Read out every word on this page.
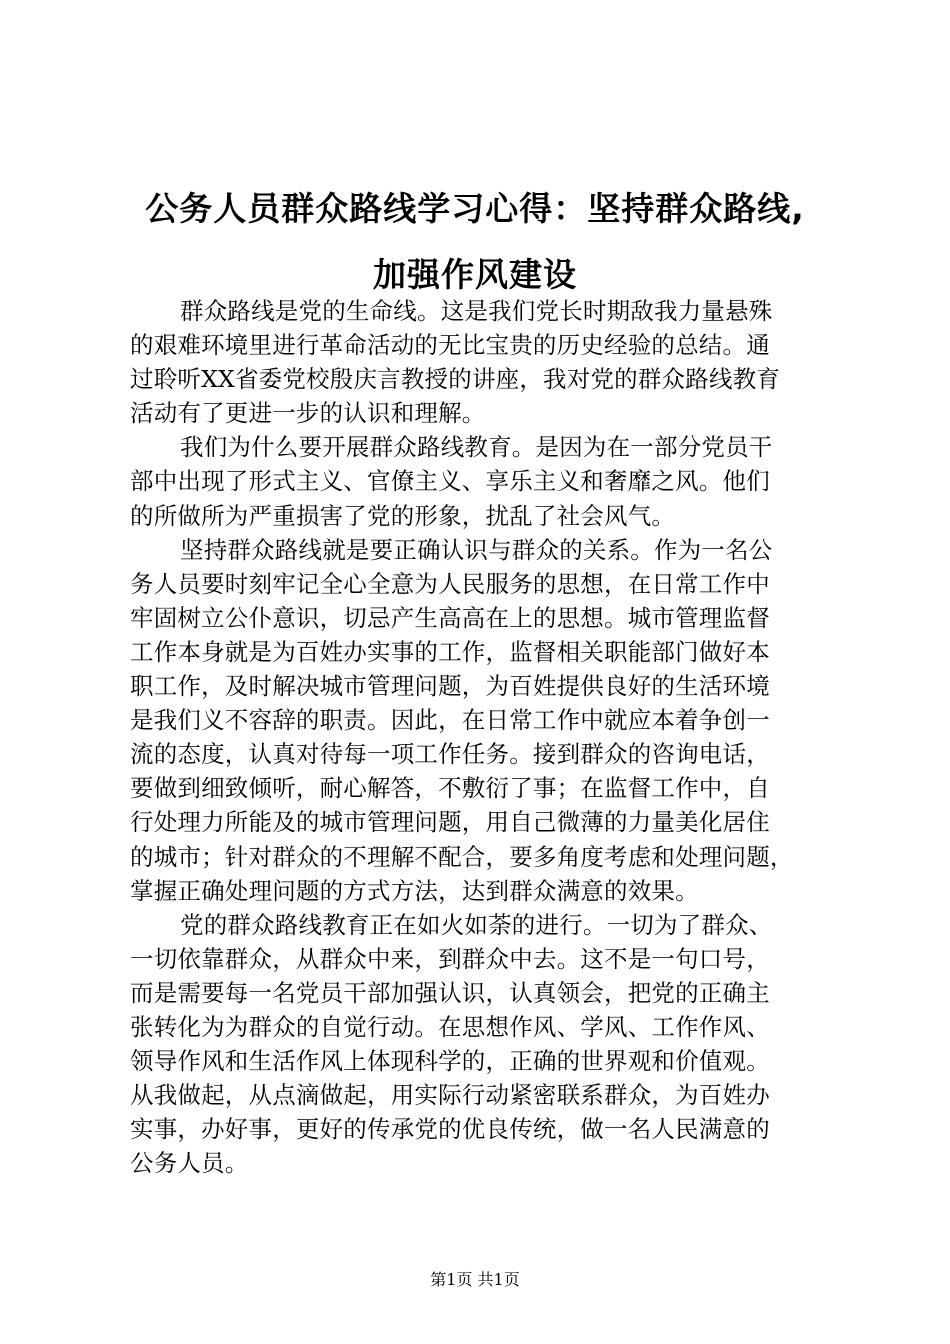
公务人员群众路线学习心得：坚持群众路线,
加强作风建设
群众路线是党的生命线。这是我们党长时期敌我力量悬殊
的艰难环境里进行革命活动的无比宝贵的历史经验的总结。通
过聆听XX省委党校殷庆言教授的讲座，我对党的群众路线教育
活动有了更进一步的认识和理解。
我们为什么要开展群众路线教育。是因为在一部分党员干
部中出现了形式主义、官僚主义、享乐主义和奢靡之风。他们
的所做所为严重损害了党的形象，扰乱了社会风气。
坚持群众路线就是要正确认识与群众的关系。作为一名公
务人员要时刻牢记全心全意为人民服务的思想，在日常工作中
牢固树立公仆意识，切忌产生高高在上的思想。城市管理监督
工作本身就是为百姓办实事的工作，监督相关职能部门做好本
职工作，及时解决城市管理问题，为百姓提供良好的生活环境
是我们义不容辞的职责。因此，在日常工作中就应本着争创一
流的态度，认真对待每一项工作任务。接到群众的咨询电话，
要做到细致倾听，耐心解答，不敷衍了事；在监督工作中，自
行处理力所能及的城市管理问题，用自己微薄的力量美化居住
的城市；针对群众的不理解不配合，要多角度考虑和处理问题，
掌握正确处理问题的方式方法，达到群众满意的效果。
党的群众路线教育正在如火如荼的进行。一切为了群众、
一切依靠群众，从群众中来，到群众中去。这不是一句口号，
而是需要每一名党员干部加强认识，认真领会，把党的正确主
张转化为为群众的自觉行动。在思想作风、学风、工作作风、
领导作风和生活作风上体现科学的，正确的世界观和价值观。
从我做起，从点滴做起，用实际行动紧密联系群众，为百姓办
实事，办好事，更好的传承党的优良传统，做一名人民满意的
公务人员。
第1页 共1页
